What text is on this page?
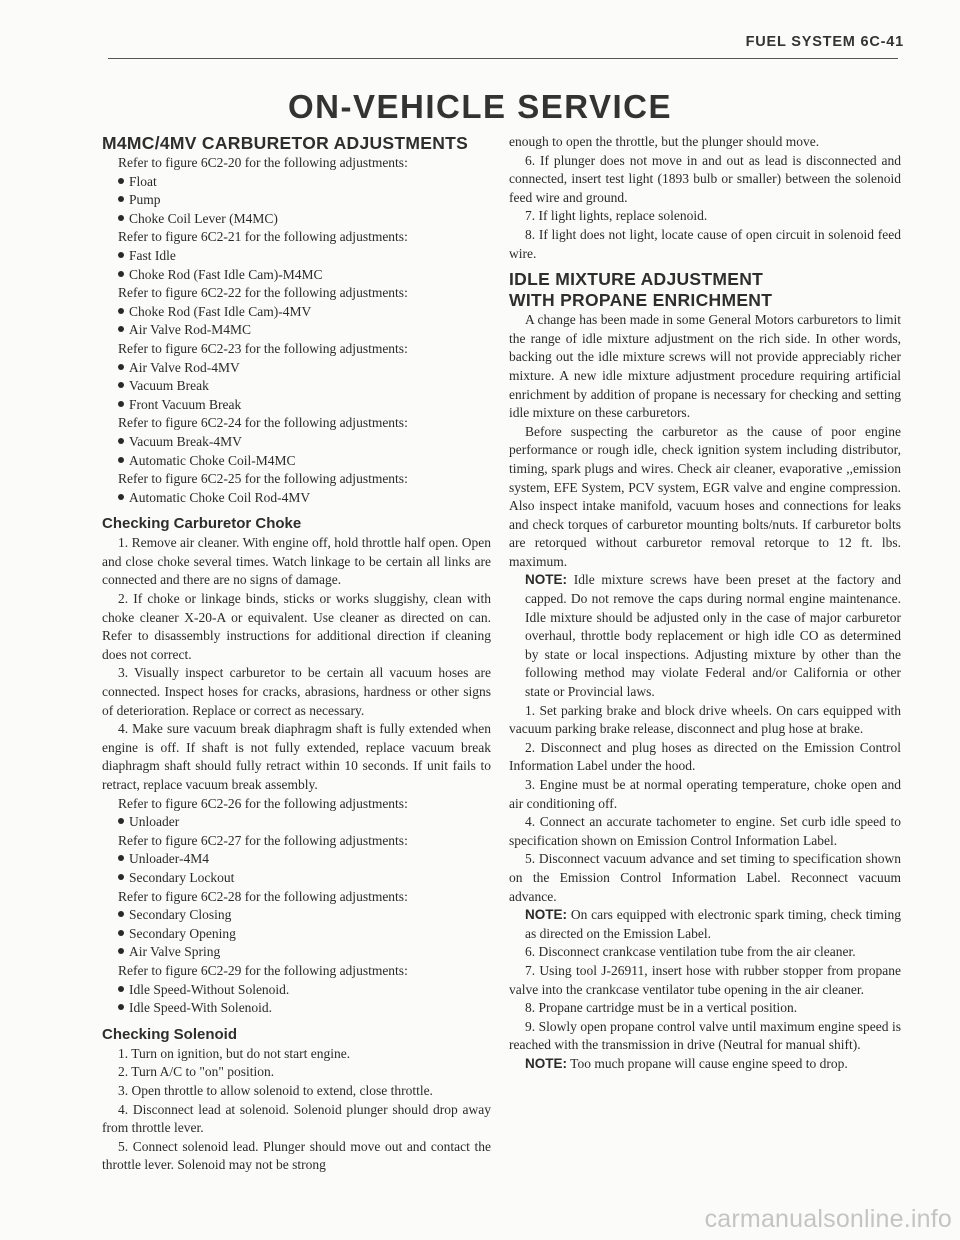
FUEL SYSTEM 6C-41
ON-VEHICLE SERVICE
M4MC/4MV CARBURETOR ADJUSTMENTS
Refer to figure 6C2-20 for the following adjustments:
Float
Pump
Choke Coil Lever (M4MC)
Refer to figure 6C2-21 for the following adjustments:
Fast Idle
Choke Rod (Fast Idle Cam)-M4MC
Refer to figure 6C2-22 for the following adjustments:
Choke Rod (Fast Idle Cam)-4MV
Air Valve Rod-M4MC
Refer to figure 6C2-23 for the following adjustments:
Air Valve Rod-4MV
Vacuum Break
Front Vacuum Break
Refer to figure 6C2-24 for the following adjustments:
Vacuum Break-4MV
Automatic Choke Coil-M4MC
Refer to figure 6C2-25 for the following adjustments:
Automatic Choke Coil Rod-4MV
Checking Carburetor Choke
1. Remove air cleaner. With engine off, hold throttle half open. Open and close choke several times. Watch linkage to be certain all links are connected and there are no signs of damage.
2. If choke or linkage binds, sticks or works sluggishy, clean with choke cleaner X-20-A or equivalent. Use cleaner as directed on can. Refer to disassembly instructions for additional direction if cleaning does not correct.
3. Visually inspect carburetor to be certain all vacuum hoses are connected. Inspect hoses for cracks, abrasions, hardness or other signs of deterioration. Replace or correct as necessary.
4. Make sure vacuum break diaphragm shaft is fully extended when engine is off. If shaft is not fully extended, replace vacuum break diaphragm shaft should fully retract within 10 seconds. If unit fails to retract, replace vacuum break assembly.
Refer to figure 6C2-26 for the following adjustments:
Unloader
Refer to figure 6C2-27 for the following adjustments:
Unloader-4M4
Secondary Lockout
Refer to figure 6C2-28 for the following adjustments:
Secondary Closing
Secondary Opening
Air Valve Spring
Refer to figure 6C2-29 for the following adjustments:
Idle Speed-Without Solenoid.
Idle Speed-With Solenoid.
Checking Solenoid
1. Turn on ignition, but do not start engine.
2. Turn A/C to "on" position.
3. Open throttle to allow solenoid to extend, close throttle.
4. Disconnect lead at solenoid. Solenoid plunger should drop away from throttle lever.
5. Connect solenoid lead. Plunger should move out and contact the throttle lever. Solenoid may not be strong
enough to open the throttle, but the plunger should move.
6. If plunger does not move in and out as lead is disconnected and connected, insert test light (1893 bulb or smaller) between the solenoid feed wire and ground.
7. If light lights, replace solenoid.
8. If light does not light, locate cause of open circuit in solenoid feed wire.
IDLE MIXTURE ADJUSTMENT
WITH PROPANE ENRICHMENT
A change has been made in some General Motors carburetors to limit the range of idle mixture adjustment on the rich side. In other words, backing out the idle mixture screws will not provide appreciably richer mixture. A new idle mixture adjustment procedure requiring artificial enrichment by addition of propane is necessary for checking and setting idle mixture on these carburetors.
Before suspecting the carburetor as the cause of poor engine performance or rough idle, check ignition system including distributor, timing, spark plugs and wires. Check air cleaner, evaporative ,,emission system, EFE System, PCV system, EGR valve and engine compression. Also inspect intake manifold, vacuum hoses and connections for leaks and check torques of carburetor mounting bolts/nuts. If carburetor bolts are retorqued without carburetor removal retorque to 12 ft. lbs. maximum.
NOTE: Idle mixture screws have been preset at the factory and capped. Do not remove the caps during normal engine maintenance. Idle mixture should be adjusted only in the case of major carburetor overhaul, throttle body replacement or high idle CO as determined by state or local inspections. Adjusting mixture by other than the following method may violate Federal and/or California or other state or Provincial laws.
1. Set parking brake and block drive wheels. On cars equipped with vacuum parking brake release, disconnect and plug hose at brake.
2. Disconnect and plug hoses as directed on the Emission Control Information Label under the hood.
3. Engine must be at normal operating temperature, choke open and air conditioning off.
4. Connect an accurate tachometer to engine. Set curb idle speed to specification shown on Emission Control Information Label.
5. Disconnect vacuum advance and set timing to specification shown on the Emission Control Information Label. Reconnect vacuum advance.
NOTE: On cars equipped with electronic spark timing, check timing as directed on the Emission Label.
6. Disconnect crankcase ventilation tube from the air cleaner.
7. Using tool J-26911, insert hose with rubber stopper from propane valve into the crankcase ventilator tube opening in the air cleaner.
8. Propane cartridge must be in a vertical position.
9. Slowly open propane control valve until maximum engine speed is reached with the transmission in drive (Neutral for manual shift).
NOTE: Too much propane will cause engine speed to drop.
carmanualsonline.info
